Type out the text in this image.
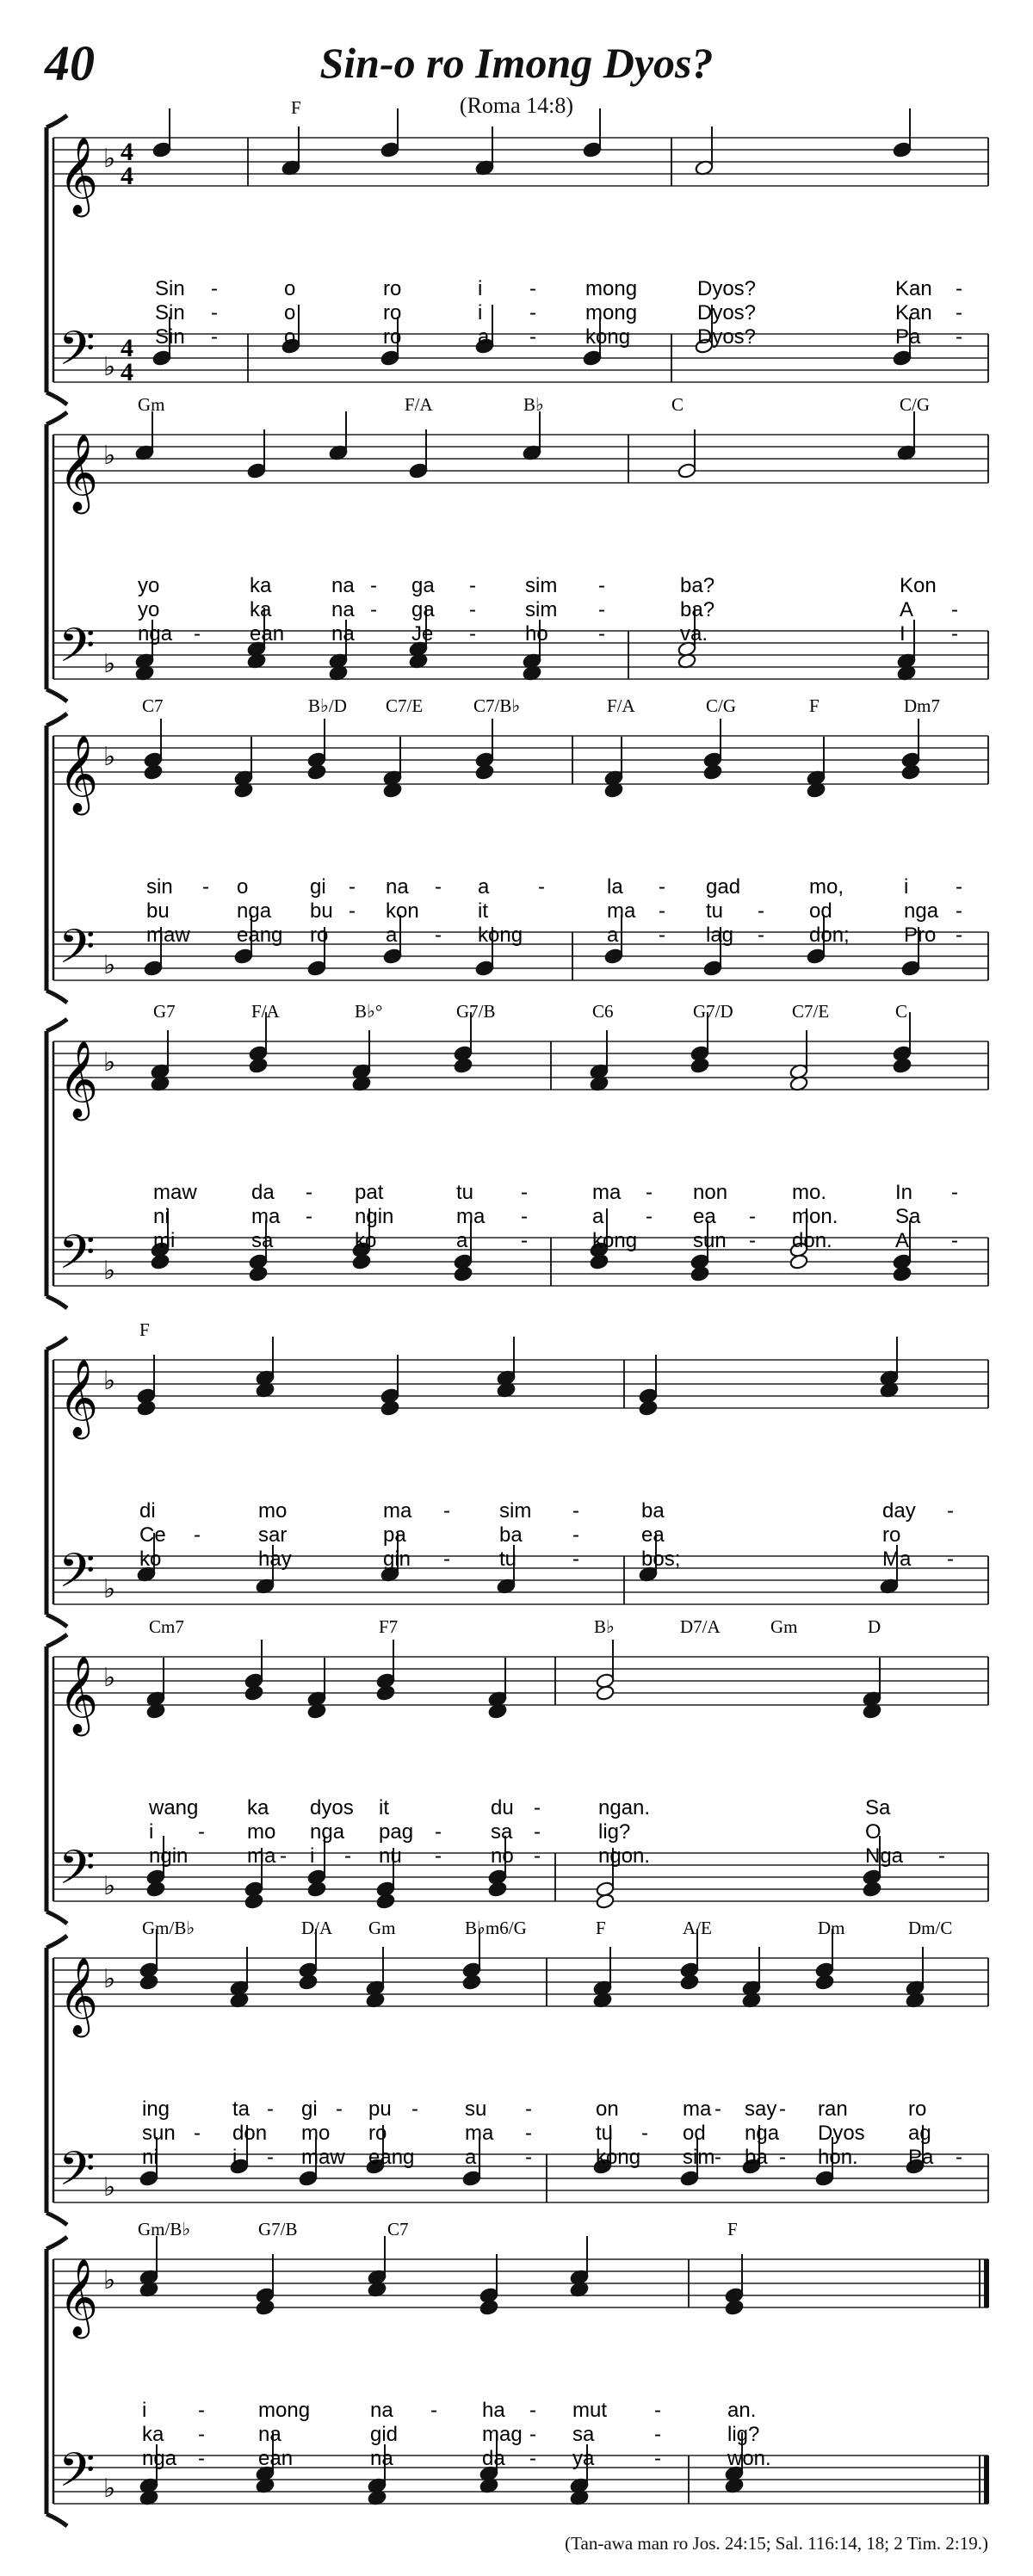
40	Sin-o ro Imong Dyos?
(Roma 14:8)
𝄞
𝄢
♭
♭
4
4
4
4
F
Sin -	o	ro	i - mong	Dyos?	Kan -
Sin -	o	ro	i - mong	Dyos?	Kan -
Sin -	o	ro	a - kong	Dyos?	Pa -
𝄞
𝄢
♭
♭
Gm	F/A	B♭	C	C/G
yo	ka	na - ga - sim -	ba?	Kon
yo	ka	na - ga - sim -	ba?	A -
nga - ean na	Je - ho -	va.	I -
𝄞
𝄢
♭
♭
C7	B♭/D C7/E	C7/B♭	F/A	C/G	F	Dm7
sin - o	gi - na - a -	la - gad	mo,	i -
bu	nga bu - kon	it	ma - tu - od	nga -
maw eang ro	a - kong	a - lag - don;	Pro -
𝄞
𝄢
♭
♭
G7	F/A	B♭°	G7/B	C6	G7/D	C7/E	C
maw	da - pat	tu -	ma - non	mo.	In -
ni	ma - ngin	ma -	a - ea - mon.	Sa
mi	sa	ko	a	-	kong	sun - don.	A -
𝄞
𝄢
♭
♭
F
di	mo	ma - sim -	ba	day -
Ce -	sar	pa	ba -	ea	ro
ko	hay	gin - tu	-	bos;	Ma -
𝄞
𝄢
♭
♭
Cm7	F7	B♭	D7/A	Gm	D
wang ka dyos it	du -	ngan.	Sa
i - mo nga pag - sa -	lig?	O
ngin	ma - i - nu - no -	ngon.	Nga -
𝄞
𝄢
♭
♭
Gm/B♭	D/A Gm	B♭m6/G	F	A/E	Dm	Dm/C
ing	ta - gi - pu - su -	on	ma - say - ran	ro
sun - don mo ro	ma -	tu - od nga Dyos ag
ni	i - maw eang a -	kong sim - ba - hon. Pa -
𝄞
𝄢
♭
♭
Gm/B♭	G7/B	C7	F
i -	mong	na - ha - mut -	an.
ka -	na	gid	mag - sa	-	lig?
nga -	ean	na	da - ya	-	won.
(Tan-awa man ro Jos. 24:15; Sal. 116:14, 18; 2 Tim. 2:19.)
